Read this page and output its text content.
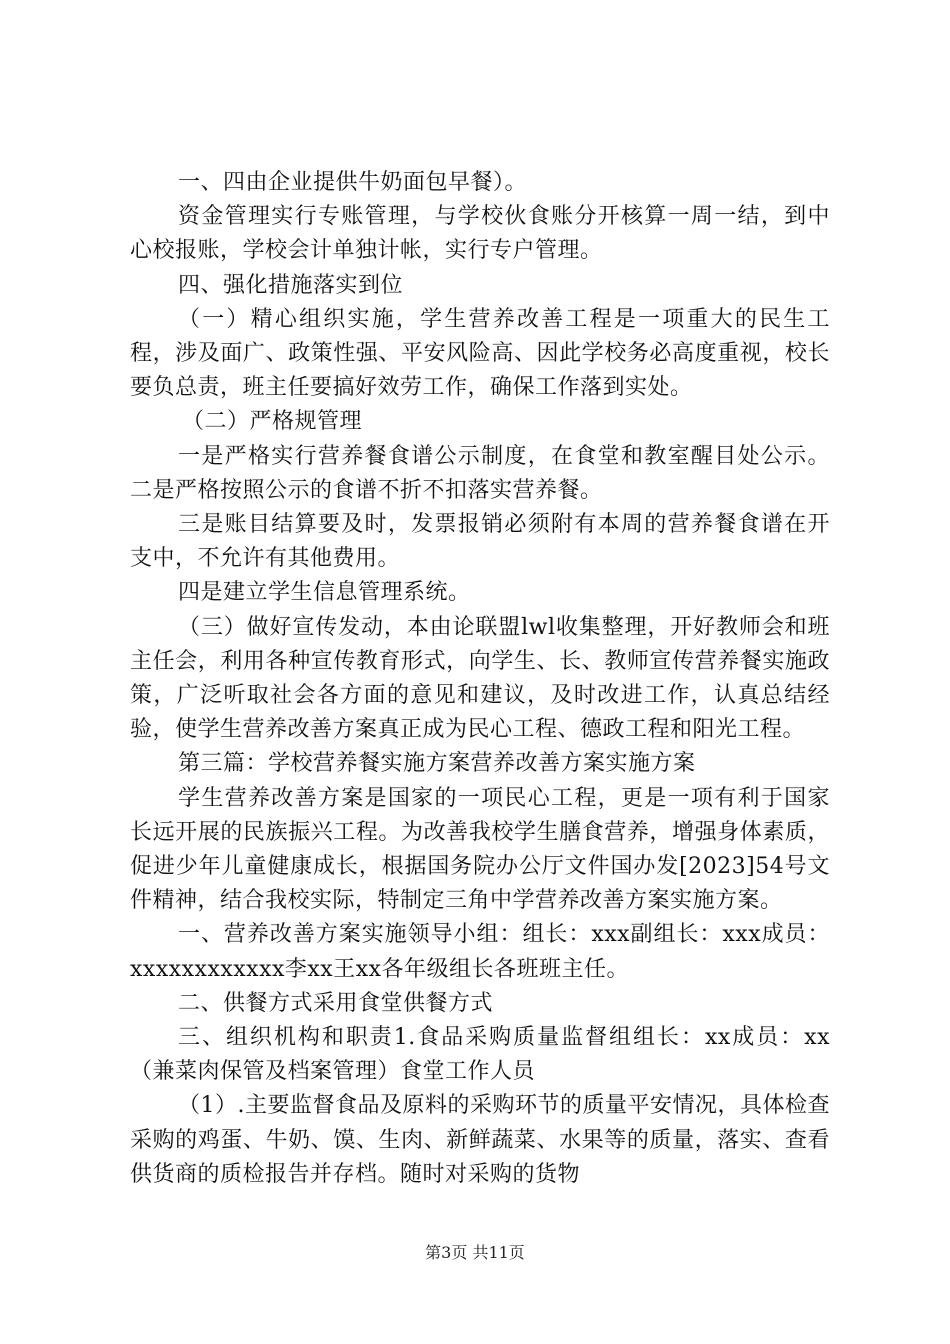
一、四由企业提供牛奶面包早餐）。

资金管理实行专账管理，与学校伙食账分开核算一周一结，到中心校报账，学校会计单独计帐，实行专户管理。

四、强化措施落实到位

（一）精心组织实施，学生营养改善工程是一项重大的民生工程，涉及面广、政策性强、平安风险高、因此学校务必高度重视，校长要负总责，班主任要搞好效劳工作，确保工作落到实处。

（二）严格规管理

一是严格实行营养餐食谱公示制度，在食堂和教室醒目处公示。二是严格按照公示的食谱不折不扣落实营养餐。

三是账目结算要及时，发票报销必须附有本周的营养餐食谱在开支中，不允许有其他费用。

四是建立学生信息管理系统。

（三）做好宣传发动，本由论联盟lwl收集整理，开好教师会和班主任会，利用各种宣传教育形式，向学生、长、教师宣传营养餐实施政策，广泛听取社会各方面的意见和建议，及时改进工作，认真总结经验，使学生营养改善方案真正成为民心工程、德政工程和阳光工程。

第三篇：学校营养餐实施方案营养改善方案实施方案

学生营养改善方案是国家的一项民心工程，更是一项有利于国家长远开展的民族振兴工程。为改善我校学生膳食营养，增强身体素质，促进少年儿童健康成长，根据国务院办公厅文件国办发[2023]54号文件精神，结合我校实际，特制定三角中学营养改善方案实施方案。

一、营养改善方案实施领导小组：组长：xxx副组长：xxx成员：xxxxxxxxxxxx李xx王xx各年级组长各班班主任。

二、供餐方式采用食堂供餐方式

三、组织机构和职责1.食品采购质量监督组组长：xx成员：xx（兼菜肉保管及档案管理）食堂工作人员

（1）.主要监督食品及原料的采购环节的质量平安情况，具体检查采购的鸡蛋、牛奶、馍、生肉、新鲜蔬菜、水果等的质量，落实、查看供货商的质检报告并存档。随时对采购的货物

第3页 共11页
